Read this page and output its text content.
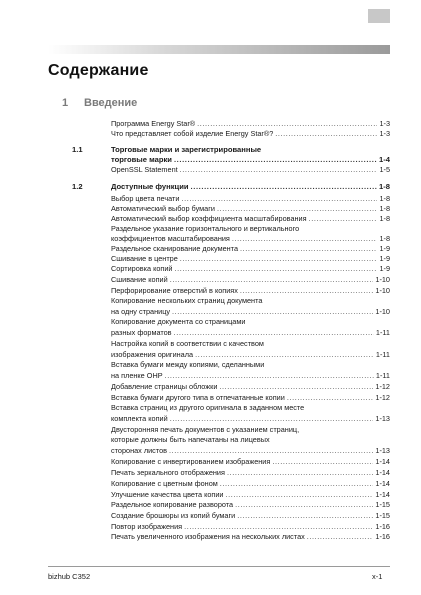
Содержание
1 Введение
Программа Energy Star® .....	1-3
Что представляет собой изделие Energy Star®? .....	1-3
1.1	Торговые марки и зарегистрированные
торговые марки .....	1-4
OpenSSL Statement .....	1-5
1.2	Доступные функции .....	1-8
Выбор цвета печати .....	1-8
Автоматический выбор бумаги .....	1-8
Автоматический выбор коэффициента масштабирования .....	1-8
Раздельное указание горизонтального и вертикального
коэффициентов масштабирования .....	1-8
Раздельное сканирование документа .....	1-9
Сшивание в центре .....	1-9
Сортировка копий .....	1-9
Сшивание копий .....	1-10
Перфорирование отверстий в копиях .....	1-10
Копирование нескольких страниц документа
на одну страницу .....	1-10
Копирование документа со страницами
разных форматов .....	1-11
Настройка копий в соответствии с качеством
изображения оригинала .....	1-11
Вставка бумаги между копиями, сделанными
на пленке OHP .....	1-11
Добавление страницы обложки .....	1-12
Вставка бумаги другого типа в отпечатанные копии .....	1-12
Вставка страниц из другого оригинала в заданном месте
комплекта копий .....	1-13
Двусторонняя печать документов с указанием страниц,
которые должны быть напечатаны на лицевых
сторонах листов .....	1-13
Копирование с инвертированием изображения .....	1-14
Печать зеркального отображения .....	1-14
Копирование с цветным фоном .....	1-14
Улучшение качества цвета копии .....	1-14
Раздельное копирование разворота .....	1-15
Создание брошюры из копий бумаги .....	1-15
Повтор изображения .....	1-16
Печать увеличенного изображения на нескольких листах .....	1-16
bizhub C352	x-1
